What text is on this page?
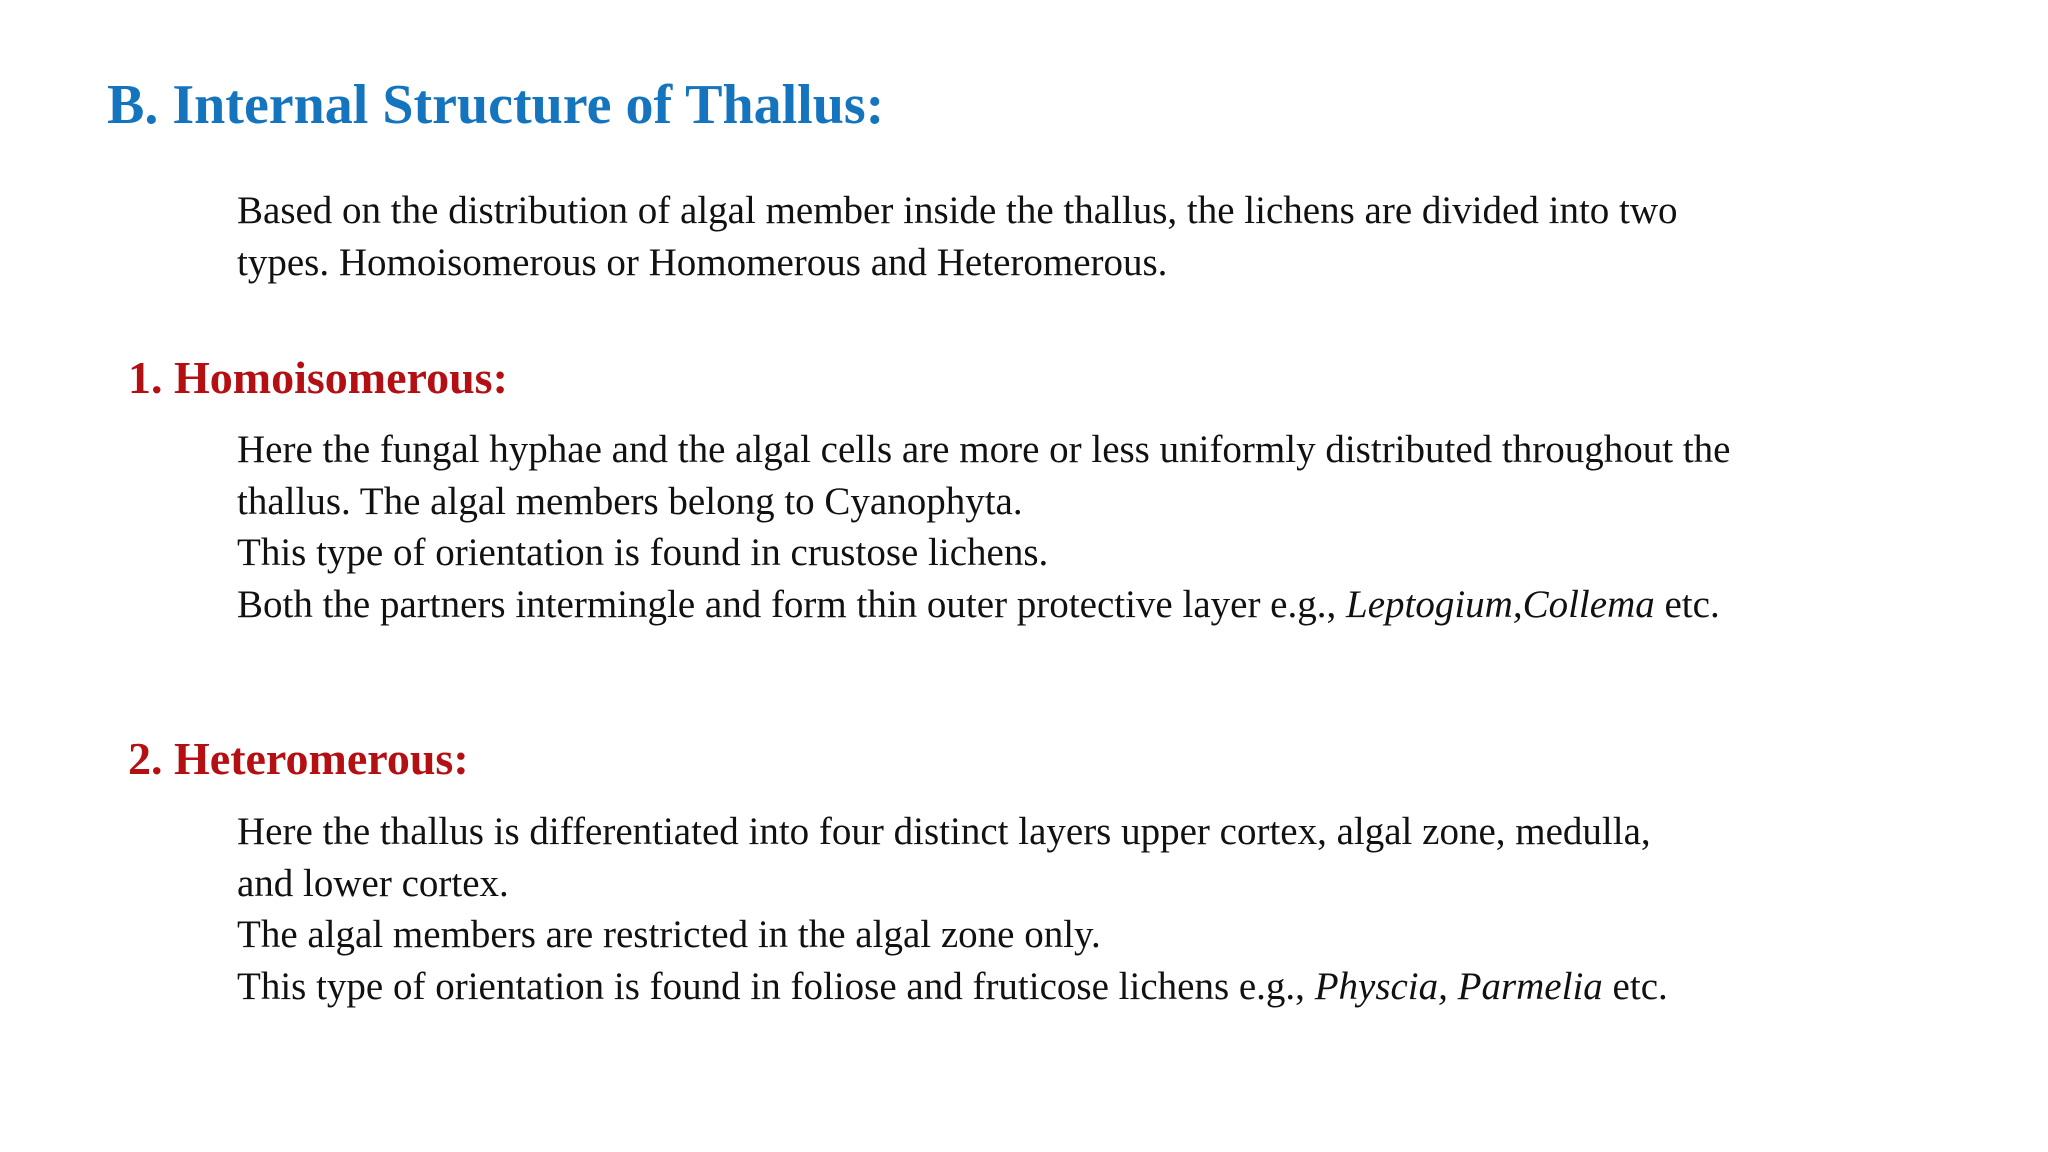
B. Internal Structure of Thallus:

Based on the distribution of algal member inside the thallus, the lichens are divided into two
types. Homoisomerous or Homomerous and Heteromerous.

1. Homoisomerous:

Here the fungal hyphae and the algal cells are more or less uniformly distributed throughout the
thallus. The algal members belong to Cyanophyta.
This type of orientation is found in crustose lichens.
Both the partners intermingle and form thin outer protective layer e.g., Leptogium,Collema etc.

2. Heteromerous:

Here the thallus is differentiated into four distinct layers upper cortex, algal zone, medulla,
and lower cortex.
The algal members are restricted in the algal zone only.
This type of orientation is found in foliose and fruticose lichens e.g., Physcia, Parmelia etc.
